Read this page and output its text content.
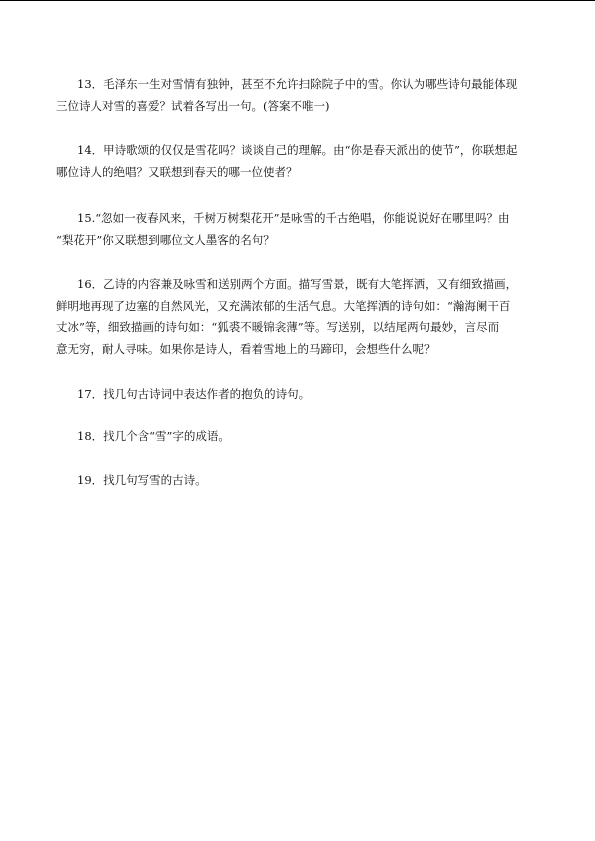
13．毛泽东一生对雪情有独钟，甚至不允许扫除院子中的雪。你认为哪些诗句最能体现
三位诗人对雪的喜爱？试着各写出一句。(答案不唯一)

14．甲诗歌颂的仅仅是雪花吗？谈谈自己的理解。由“你是春天派出的使节”，你联想起
哪位诗人的绝唱？又联想到春天的哪一位使者？

15.“忽如一夜春风来，千树万树梨花开”是咏雪的千古绝唱，你能说说好在哪里吗？由
“梨花开”你又联想到哪位文人墨客的名句？

16．乙诗的内容兼及咏雪和送别两个方面。描写雪景，既有大笔挥洒，又有细致描画，
鲜明地再现了边塞的自然风光，又充满浓郁的生活气息。大笔挥洒的诗句如：“瀚海阑干百
丈冰”等，细致描画的诗句如：“狐裘不暖锦衾薄”等。写送别，以结尾两句最妙，言尽而
意无穷，耐人寻味。如果你是诗人，看着雪地上的马蹄印，会想些什么呢？

17．找几句古诗词中表达作者的抱负的诗句。

18．找几个含“雪”字的成语。

19．找几句写雪的古诗。
